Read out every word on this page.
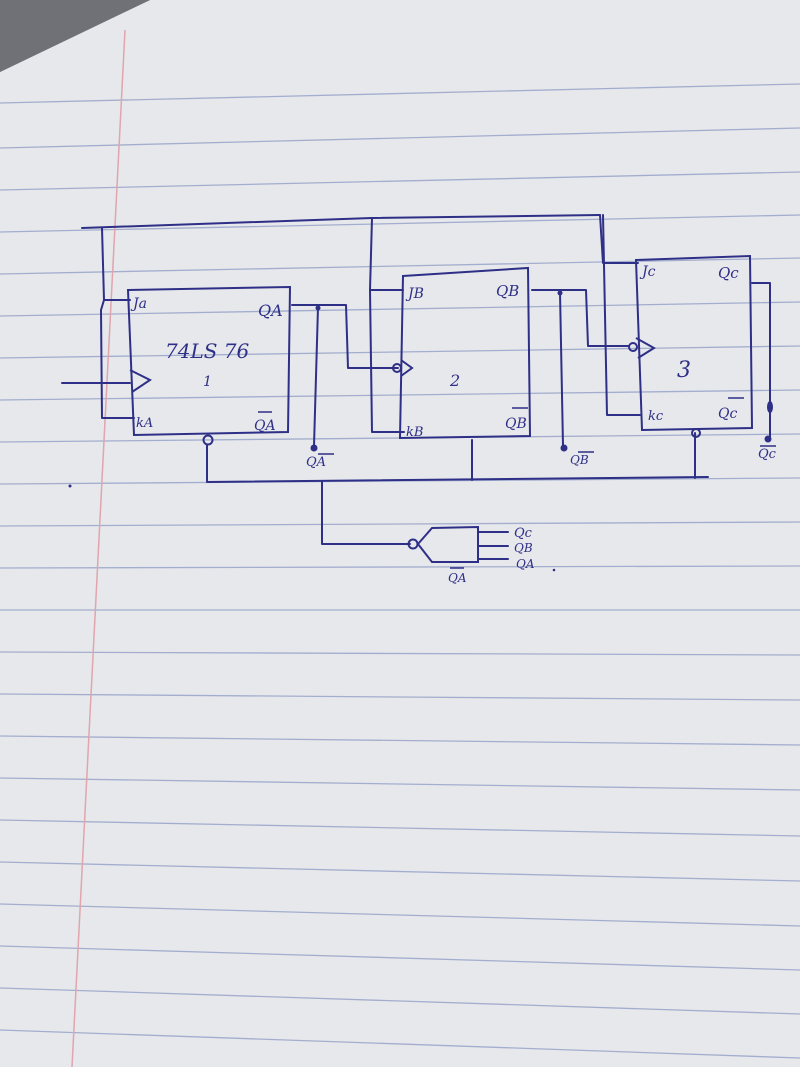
Ja
kA
QA
QA
74LS 76
1
JB
kB
QB
QB
2
Jc
kc
Qc
Qc
3
QA	QB	Qc
Qc
QB
QA
QA
